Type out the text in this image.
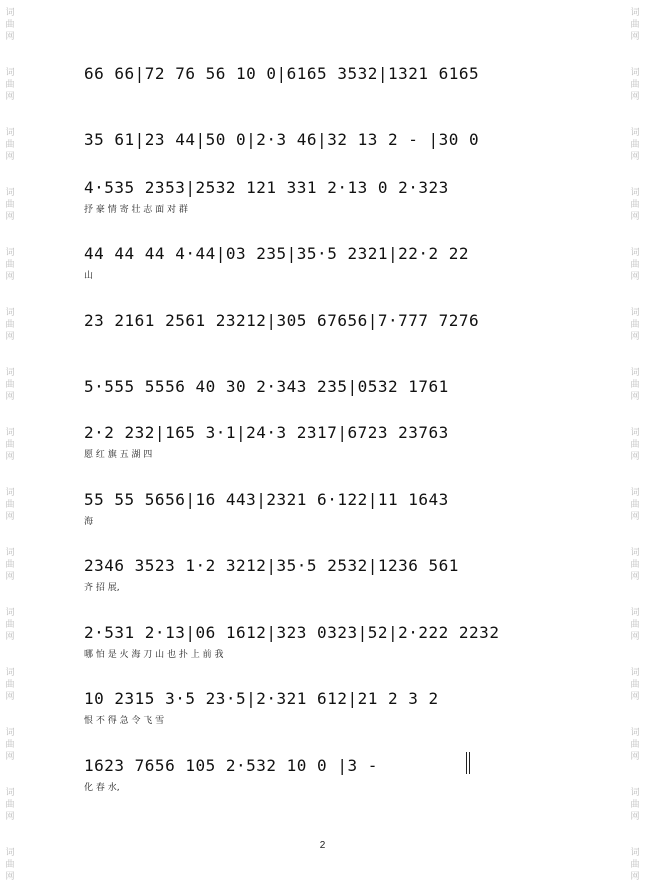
词
曲
网
词
曲
网
词
曲
网
词
曲
网
词
曲
网
词
曲
网
词
曲
网
词
曲
网
词
曲
网
词
曲
网
词
曲
网
词
曲
网
词
曲
网
词
曲
网
词
曲
网
词
曲
网
词
曲
网
词
曲
网
词
曲
网
词
曲
网
词
曲
网
词
曲
网
词
曲
网
词
曲
网
词
曲
网
词
曲
网
词
曲
网
词
曲
网
词
曲
网
词
曲
网
66 66|72 76 56 10 0|6165 3532|1321 6165
35 61|23 44|50 0|2·3 46|32 13 2 - |30 0
4·535 2353|2532 121 331 2·13 0 2·323
抒 豪 情 寄 壮 志 面 对 群
44 44 44 4·44|03 235|35·5 2321|22·2 22
山
23 2161 2561 23212|305 67656|7·777 7276
5·555 5556 40 30 2·343 235|0532 1761
2·2 232|165 3·1|24·3 2317|6723 23763
愿 红 旗 五 湖 四
55 55 5656|16 443|2321 6·122|11 1643
海
2346 3523 1·2 3212|35·5 2532|1236 561
齐 招 展,
2·531 2·13|06 1612|323 0323|52|2·222 2232
哪 怕 是 火 海 刀 山 也 扑 上 前 我
10 2315 3·5 23·5|2·321 612|21 2 3 2
恨 不 得 急 令 飞 雪
1623 7656 105 2·532 10 0 |3 -
化 春 水,
2
